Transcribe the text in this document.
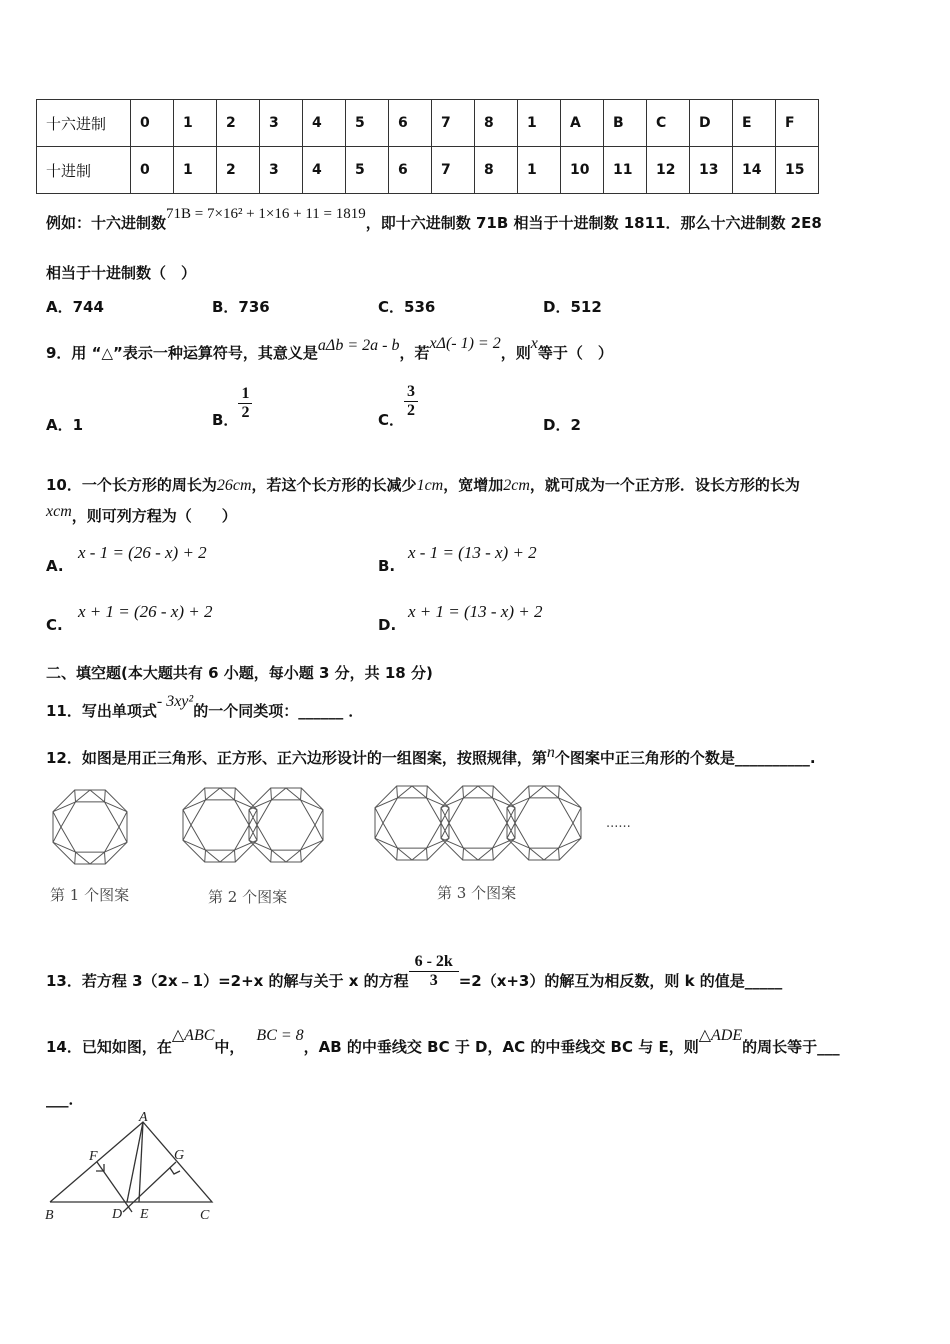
十六进制	0	1	2	3	4	5	6	7	8	1	A	B	C	D	E	F
十进制	0	1	2	3	4	5	6	7	8	1	10	11	12	13	14	15
例如：十六进制数71B = 7×16² + 1×16 + 11 = 1819，即十六进制数 71B 相当于十进制数 1811．那么十六进制数 2E8
相当于十进制数（　）
A．744	B．736	C．536	D．512
9．用 “△”表示一种运算符号，其意义是aΔb = 2a - b，若xΔ(- 1) = 2，则x等于（　）
A．1	B． $\frac{1}{2}$	C． $\frac{3}{2}$
D．2
10．一个长方形的周长为26cm，若这个长方形的长减少1cm，宽增加2cm，就可成为一个正方形．设长方形的长为
xcm，则可列方程为（　　）
A.
x - 1 = (26 - x) + 2
B.
x - 1 = (13 - x) + 2
C.
x + 1 = (26 - x) + 2
D.
x + 1 = (13 - x) + 2
二、填空题(本大题共有 6 小题，每小题 3 分，共 18 分)
11．写出单项式- 3xy²的一个同类项：______ ．
12．如图是用正三角形、正方形、正六边形设计的一组图案，按照规律，第n个图案中正三角形的个数是__________.
......
第 1 个图案	第 2 个图案	第 3 个图案
13．若方程 3（2x﹣1）=2+x 的解与关于 x 的方程 $\frac{6 - 2k}{3} =2(x+3)$的解互为相反数，则 k 的值是_____
14．已知如图，在△ABC中，BC = 8，AB 的中垂线交 BC 于 D，AC 的中垂线交 BC 与 E，则△ADE的周长等于___
___．
A
B	C
D E
F	G
